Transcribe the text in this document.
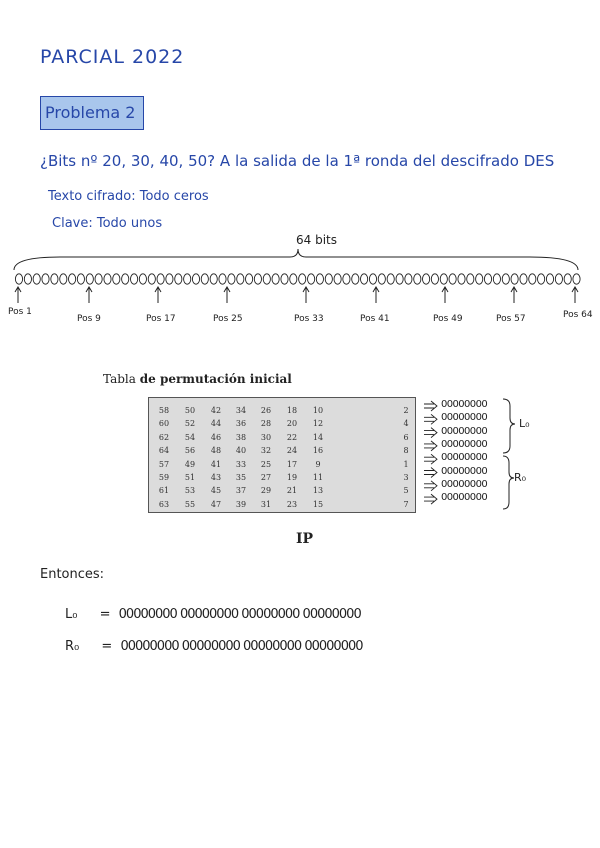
PARCIAL 2022
Problema 2
¿Bits nº 20, 30, 40, 50? A la salida de la 1ª ronda del descifrado DES
Texto cifrado: Todo ceros
Clave: Todo unos
64 bits
Pos 1
Pos 9	Pos 17	Pos 25	Pos 33	Pos 41	Pos 49	Pos 57	Pos 64
Tabla de permutación inicial
58	50	42	34	26	18	10	2
60	52	44	36	28	20	12	4
62	54	46	38	30	22	14	6
64	56	48	40	32	24	16	8
57	49	41	33	25	17	9	1
59	51	43	35	27	19	11	3
61	53	45	37	29	21	13	5
63	55	47	39	31	23	15	7
IP
00000000
00000000
00000000
00000000
00000000
00000000
00000000
00000000
L₀
R₀
Entonces:
L₀ = 00000000 00000000 00000000 00000000
R₀ = 00000000 00000000 00000000 00000000
